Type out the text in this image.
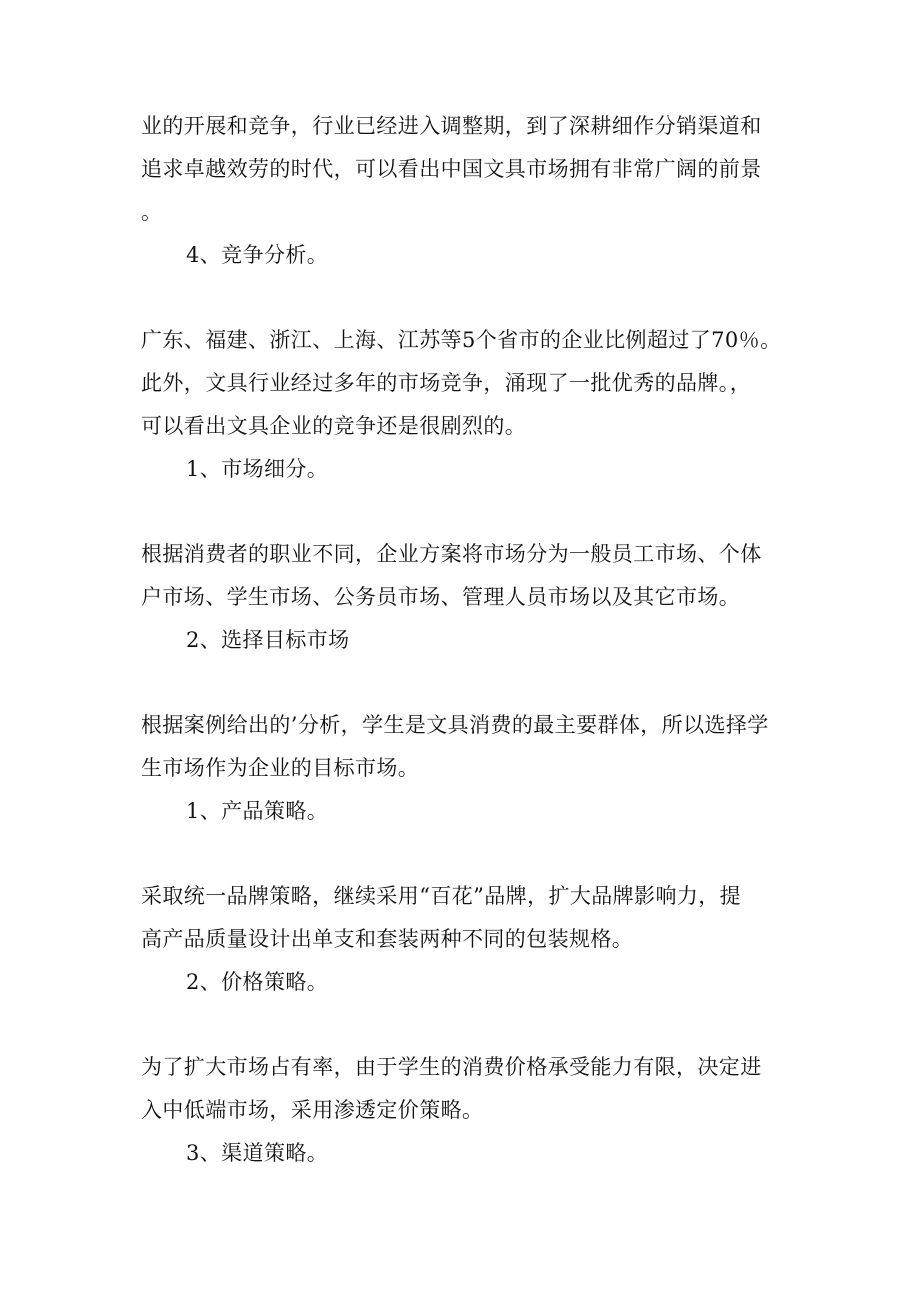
业的开展和竞争，行业已经进入调整期，到了深耕细作分销渠道和
追求卓越效劳的时代，可以看出中国文具市场拥有非常广阔的前景
。
4、竞争分析。
广东、福建、浙江、上海、江苏等5个省市的企业比例超过了70％。
此外，文具行业经过多年的市场竞争，涌现了一批优秀的品牌。，
可以看出文具企业的竞争还是很剧烈的。
1、市场细分。
根据消费者的职业不同，企业方案将市场分为一般员工市场、个体
户市场、学生市场、公务员市场、管理人员市场以及其它市场。
2、选择目标市场
根据案例给出的’分析，学生是文具消费的最主要群体，所以选择学
生市场作为企业的目标市场。
1、产品策略。
采取统一品牌策略，继续采用“百花”品牌，扩大品牌影响力，提
高产品质量设计出单支和套装两种不同的包装规格。
2、价格策略。
为了扩大市场占有率，由于学生的消费价格承受能力有限，决定进
入中低端市场，采用渗透定价策略。
3、渠道策略。
